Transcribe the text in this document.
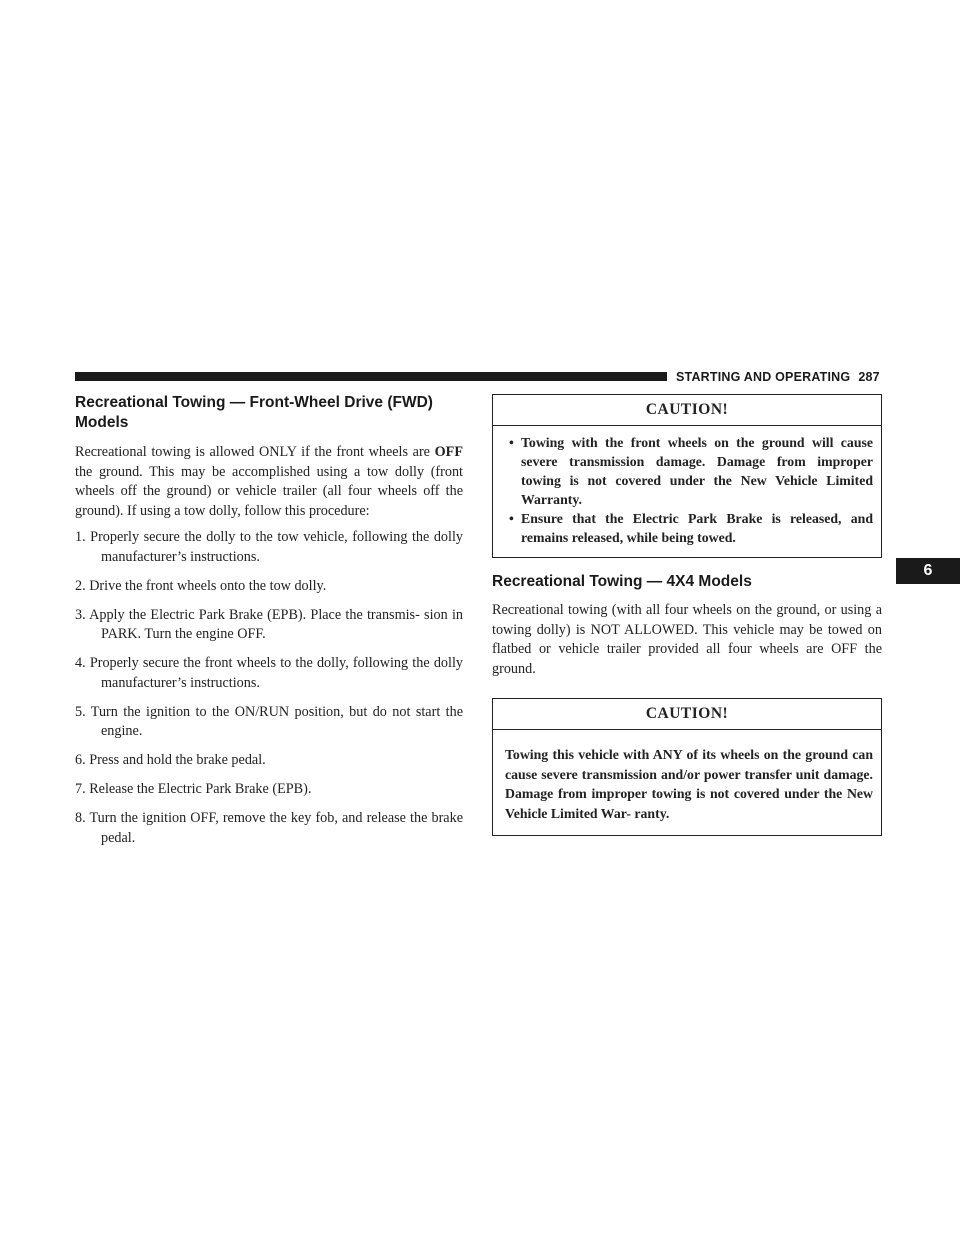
STARTING AND OPERATING 287
6
Recreational Towing — Front-Wheel Drive (FWD) Models

Recreational towing is allowed ONLY if the front wheels are OFF the ground. This may be accomplished using a tow dolly (front wheels off the ground) or vehicle trailer (all four wheels off the ground). If using a tow dolly, follow this procedure:

1. Properly secure the dolly to the tow vehicle, following the dolly manufacturer’s instructions.
2. Drive the front wheels onto the tow dolly.
3. Apply the Electric Park Brake (EPB). Place the transmis- sion in PARK. Turn the engine OFF.
4. Properly secure the front wheels to the dolly, following the dolly manufacturer’s instructions.
5. Turn the ignition to the ON/RUN position, but do not start the engine.
6. Press and hold the brake pedal.
7. Release the Electric Park Brake (EPB).
8. Turn the ignition OFF, remove the key fob, and release the brake pedal.
CAUTION!
• Towing with the front wheels on the ground will cause severe transmission damage. Damage from improper towing is not covered under the New Vehicle Limited Warranty.
• Ensure that the Electric Park Brake is released, and remains released, while being towed.
Recreational Towing — 4X4 Models

Recreational towing (with all four wheels on the ground, or using a towing dolly) is NOT ALLOWED. This vehicle may be towed on flatbed or vehicle trailer provided all four wheels are OFF the ground.

CAUTION!
Towing this vehicle with ANY of its wheels on the ground can cause severe transmission and/or power transfer unit damage. Damage from improper towing is not covered under the New Vehicle Limited War- ranty.
